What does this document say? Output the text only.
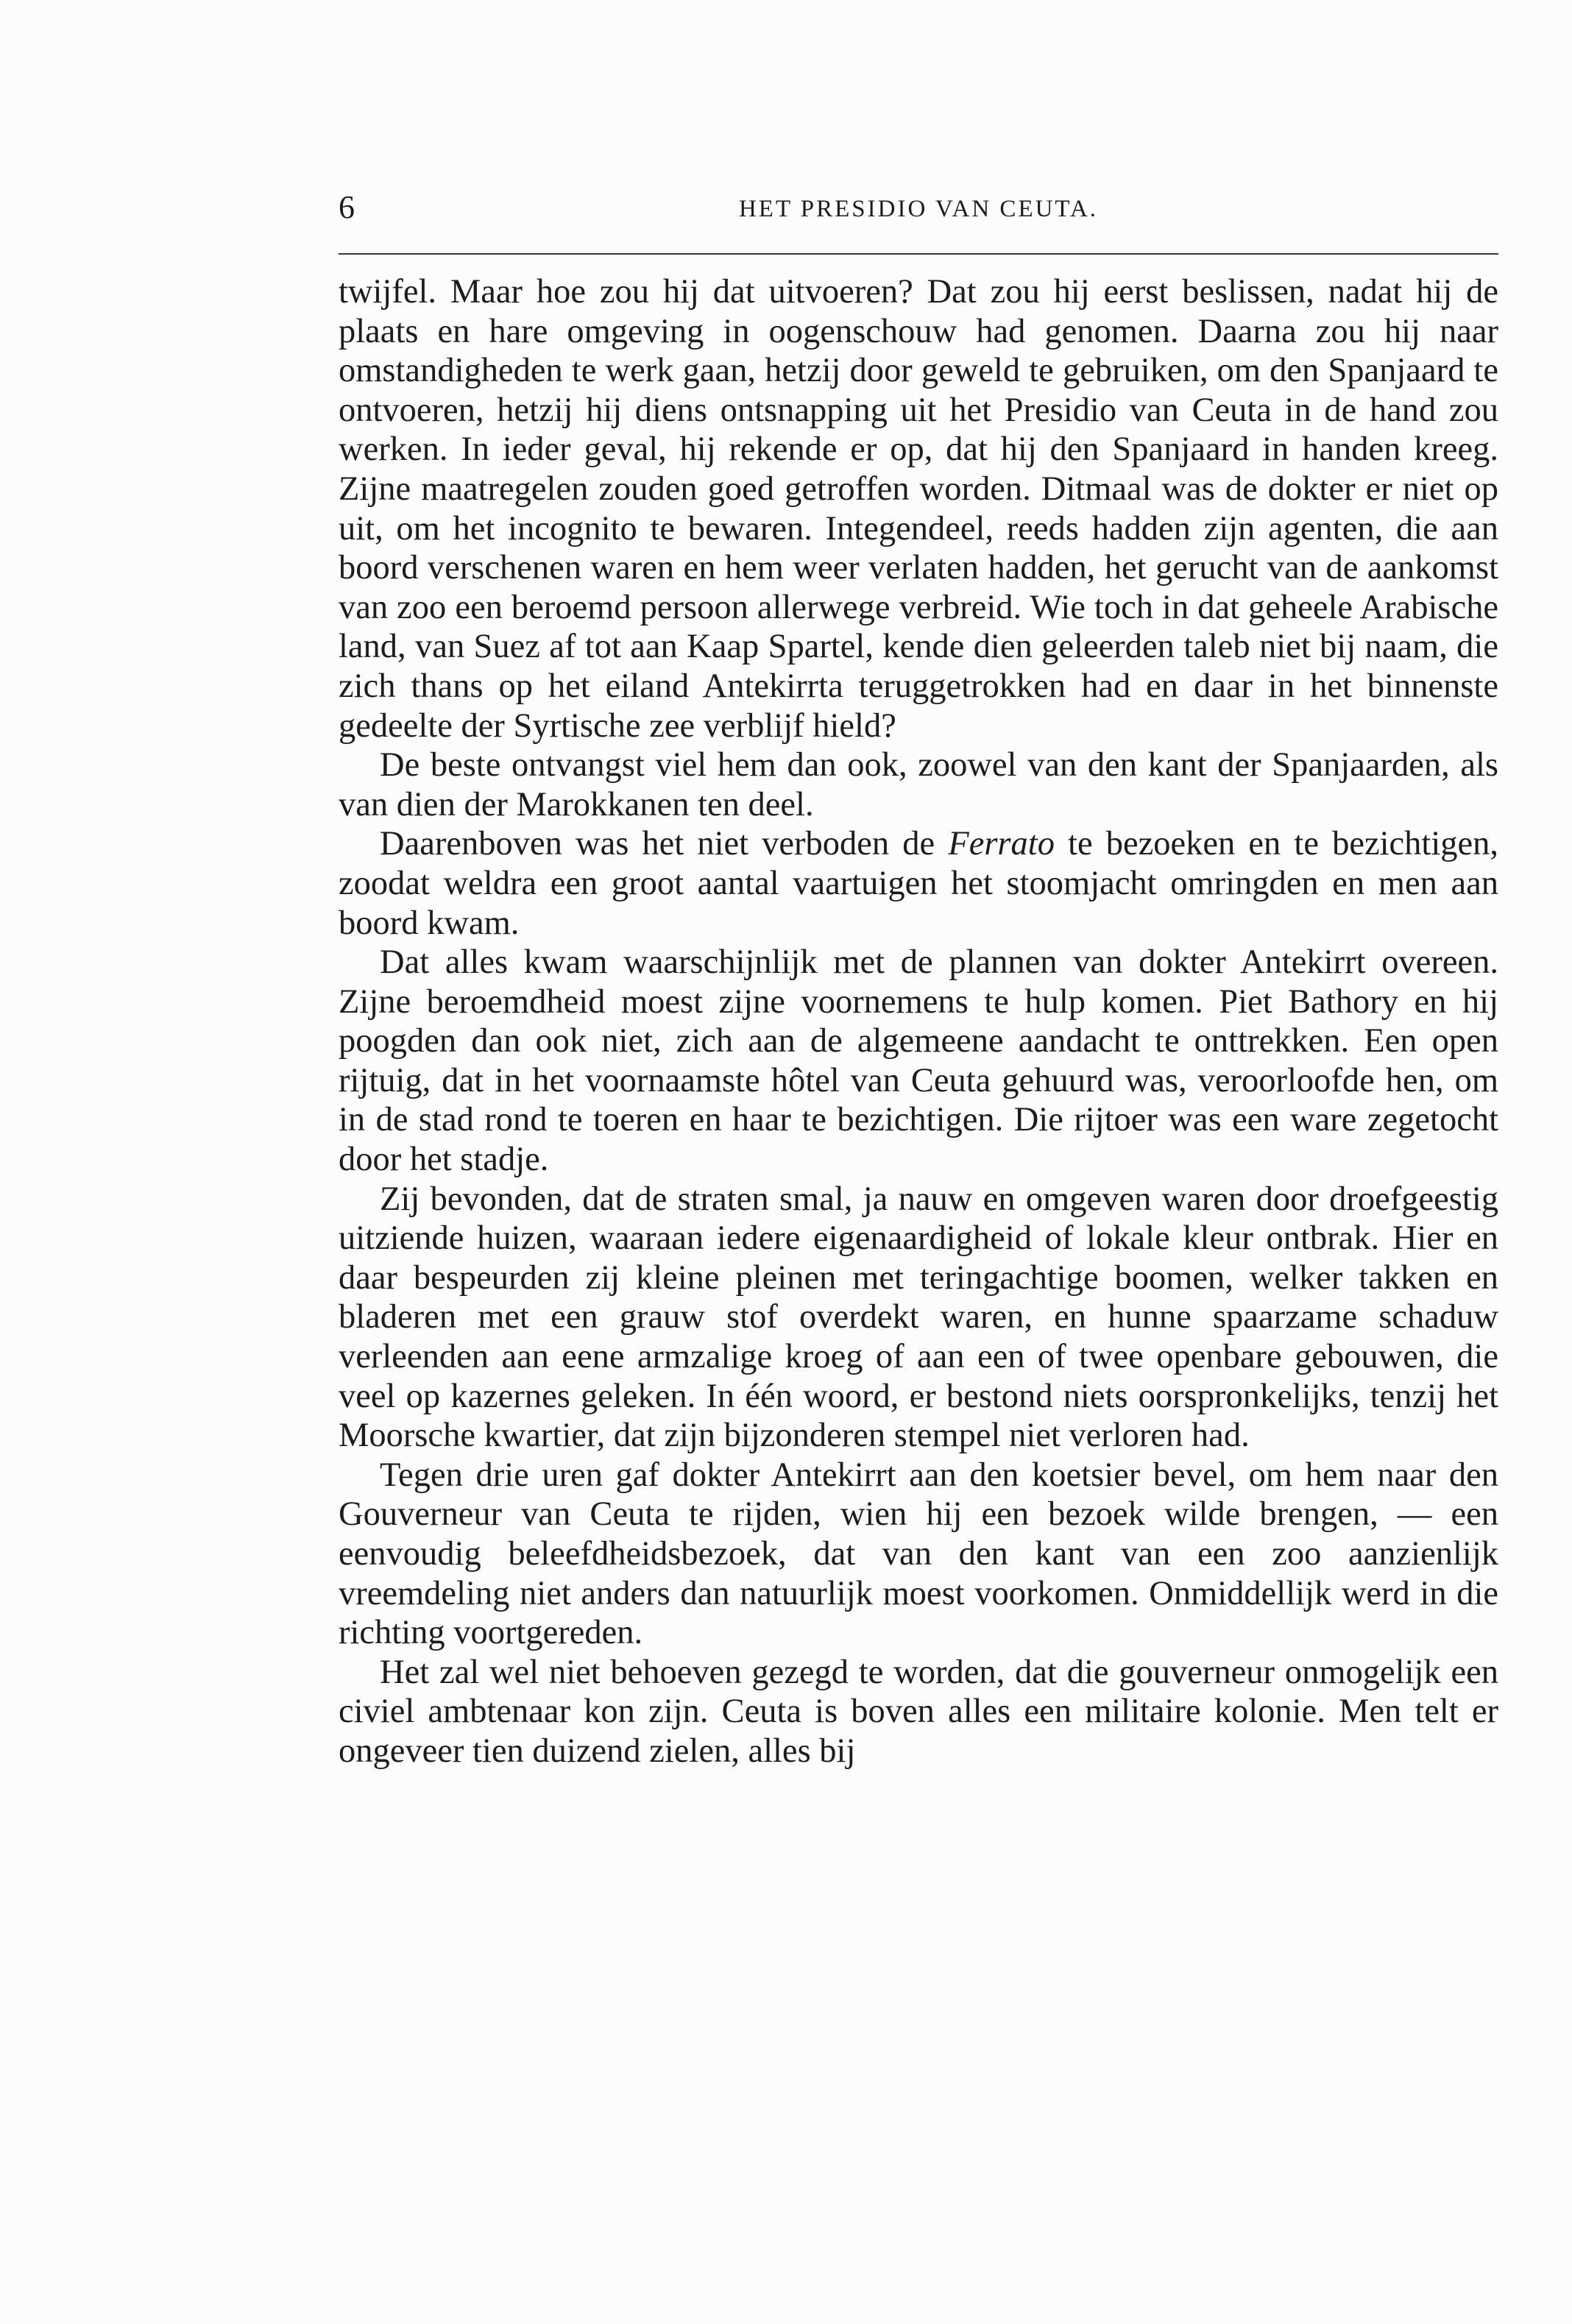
6	HET PRESIDIO VAN CEUTA.

twijfel. Maar hoe zou hij dat uitvoeren? Dat zou hij eerst beslissen, nadat hij de plaats en hare omgeving in oogenschouw had genomen. Daarna zou hij naar omstandigheden te werk gaan, hetzij door geweld te gebruiken, om den Spanjaard te ontvoeren, hetzij hij diens ontsnapping uit het Presidio van Ceuta in de hand zou werken. In ieder geval, hij rekende er op, dat hij den Spanjaard in handen kreeg. Zijne maatregelen zouden goed getroffen worden. Ditmaal was de dokter er niet op uit, om het incognito te bewaren. Integendeel, reeds hadden zijn agenten, die aan boord verschenen waren en hem weer verlaten hadden, het gerucht van de aankomst van zoo een beroemd persoon allerwege verbreid. Wie toch in dat geheele Arabische land, van Suez af tot aan Kaap Spartel, kende dien geleerden taleb niet bij naam, die zich thans op het eiland Antekirrta teruggetrokken had en daar in het binnenste gedeelte der Syrtische zee verblijf hield?

De beste ontvangst viel hem dan ook, zoowel van den kant der Spanjaarden, als van dien der Marokkanen ten deel.

Daarenboven was het niet verboden de Ferrato te bezoeken en te bezichtigen, zoodat weldra een groot aantal vaartuigen het stoomjacht omringden en men aan boord kwam.

Dat alles kwam waarschijnlijk met de plannen van dokter Antekirrt overeen. Zijne beroemdheid moest zijne voornemens te hulp komen. Piet Bathory en hij poogden dan ook niet, zich aan de algemeene aandacht te onttrekken. Een open rijtuig, dat in het voornaamste hôtel van Ceuta gehuurd was, veroorloofde hen, om in de stad rond te toeren en haar te bezichtigen. Die rijtoer was een ware zegetocht door het stadje.

Zij bevonden, dat de straten smal, ja nauw en omgeven waren door droefgeestig uitziende huizen, waaraan iedere eigenaardigheid of lokale kleur ontbrak. Hier en daar bespeurden zij kleine pleinen met teringachtige boomen, welker takken en bladeren met een grauw stof overdekt waren, en hunne spaarzame schaduw verleenden aan eene armzalige kroeg of aan een of twee openbare gebouwen, die veel op kazernes geleken. In één woord, er bestond niets oorspronkelijks, tenzij het Moorsche kwartier, dat zijn bijzonderen stempel niet verloren had.

Tegen drie uren gaf dokter Antekirrt aan den koetsier bevel, om hem naar den Gouverneur van Ceuta te rijden, wien hij een bezoek wilde brengen, — een eenvoudig beleefdheidsbezoek, dat van den kant van een zoo aanzienlijk vreemdeling niet anders dan natuurlijk moest voorkomen. Onmiddellijk werd in die richting voortgereden.

Het zal wel niet behoeven gezegd te worden, dat die gouverneur onmogelijk een civiel ambtenaar kon zijn. Ceuta is boven alles een militaire kolonie. Men telt er ongeveer tien duizend zielen, alles bij
